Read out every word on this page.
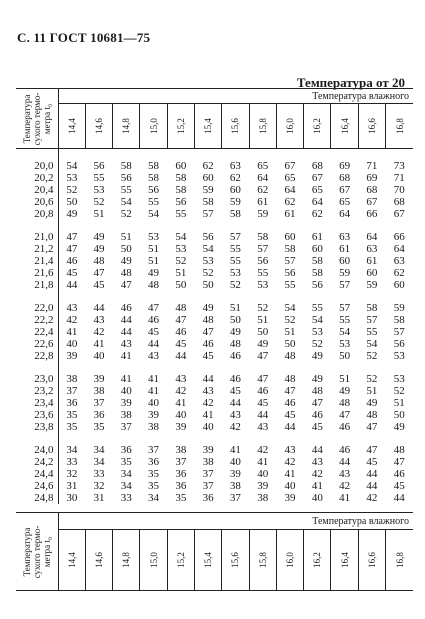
С. 11 ГОСТ 10681—75
Температура от 20
Температура сухого термо- метра t₀	Температура влажного												

	14,4	14,6	14,8	15,0	15,2	15,4	15,6	15,8	16,0	16,2	16,4	16,6	16,8

20,0	54	56	58	58	60	62	63	65	67	68	69	71	73
20,2	53	55	56	58	58	60	62	64	65	67	68	69	71
20,4	52	53	55	56	58	59	60	62	64	65	67	68	70
20,6	50	52	54	55	56	58	59	61	62	64	65	67	68
20,8	49	51	52	54	55	57	58	59	61	62	64	66	67

21,0	47	49	51	53	54	56	57	58	60	61	63	64	66
21,2	47	49	50	51	53	54	55	57	58	60	61	63	64
21,4	46	48	49	51	52	53	55	56	57	58	60	61	63
21,6	45	47	48	49	51	52	53	55	56	58	59	60	62
21,8	44	45	47	48	50	50	52	53	55	56	57	59	60

22,0	43	44	46	47	48	49	51	52	54	55	57	58	59
22,2	42	43	44	46	47	48	50	51	52	54	55	57	58
22,4	41	42	44	45	46	47	49	50	51	53	54	55	57
22,6	40	41	43	44	45	46	48	49	50	52	53	54	56
22,8	39	40	41	43	44	45	46	47	48	49	50	52	53

23,0	38	39	41	41	43	44	46	47	48	49	51	52	53
23,2	37	38	40	41	42	43	45	46	47	48	49	51	52
23,4	36	37	39	40	41	42	44	45	46	47	48	49	51
23,6	35	36	38	39	40	41	43	44	45	46	47	48	50
23,8	35	35	37	38	39	40	42	43	44	45	46	47	49

24,0	34	34	36	37	38	39	41	42	43	44	46	47	48
24,2	33	34	35	36	37	38	40	41	42	43	44	45	47
24,4	32	33	34	35	36	37	39	40	41	42	43	44	46
24,6	31	32	34	35	36	37	38	39	40	41	42	44	45
24,8	30	31	33	34	35	36	37	38	39	40	41	42	44
Температура сухого термо- метра t₀	Температура влажного												

	14,4	14,6	14,8	15,0	15,2	15,4	15,6	15,8	16,0	16,2	16,4	16,6	16,8
